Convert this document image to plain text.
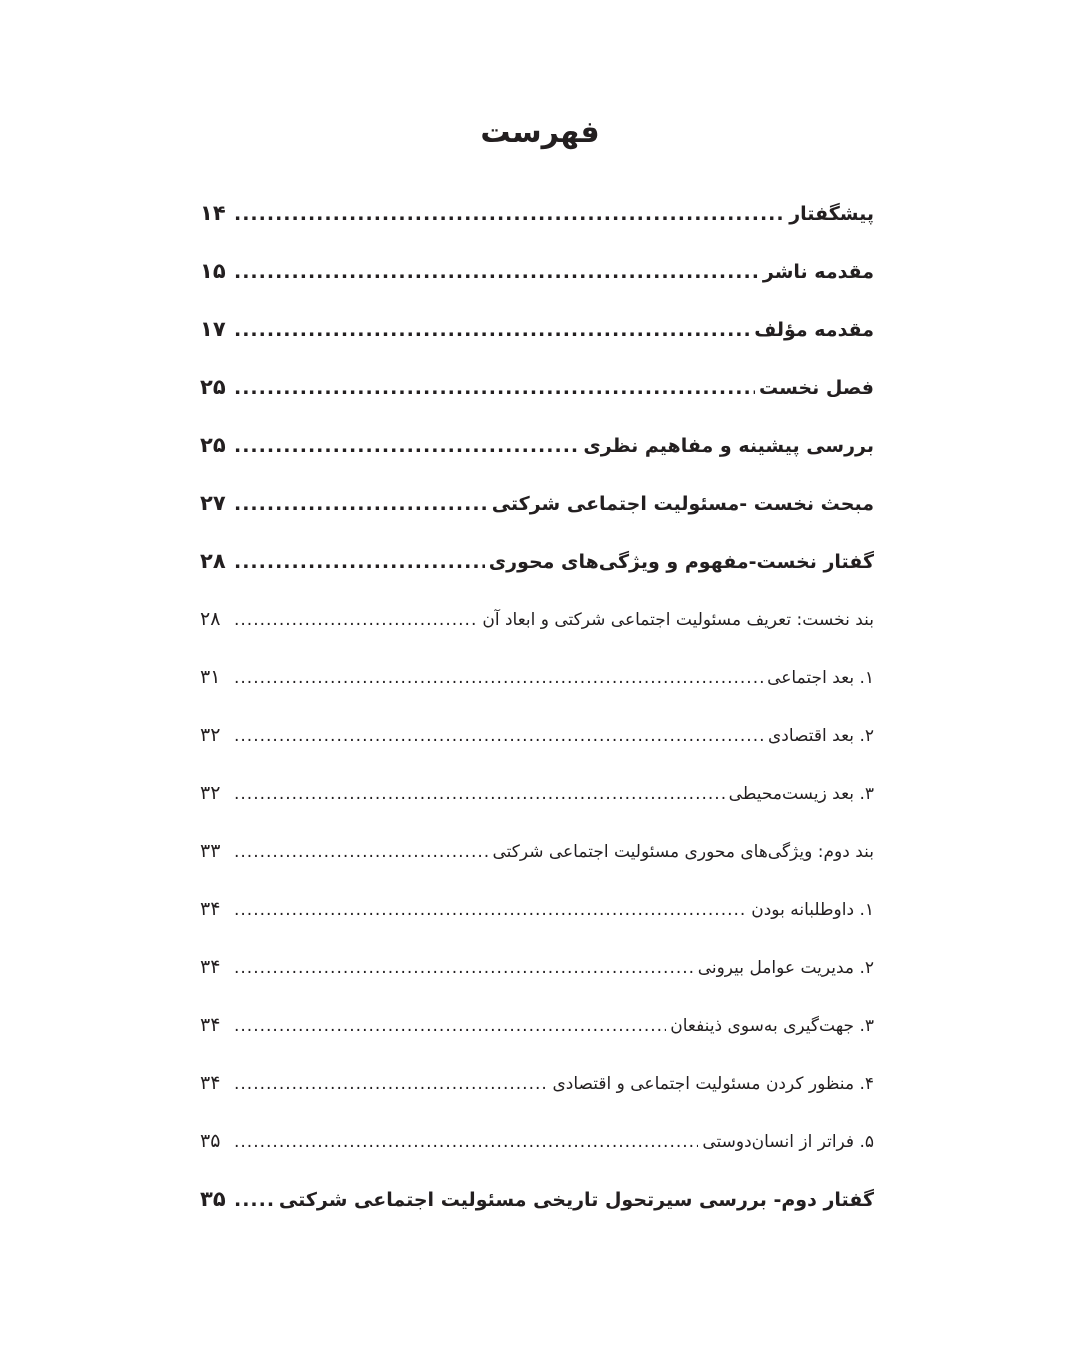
فهرست
پیشگفتار
.....
۱۴
مقدمه ناشر
.....
۱۵
مقدمه مؤلف
.....
۱۷
فصل نخست
.....
۲۵
بررسی پیشینه و مفاهیم نظری
.....
۲۵
مبحث نخست -مسئولیت اجتماعی شرکتی
.....
۲۷
گفتار نخست-مفهوم و ویژگی‌های محوری
.....
۲۸
بند نخست: تعریف مسئولیت اجتماعی شرکتی و ابعاد آن
.....
۲۸
۱. بعد اجتماعی
.....
۳۱
۲. بعد اقتصادی
.....
۳۲
۳. بعد زیست‌محیطی
.....
۳۲
بند دوم: ویژگی‌های محوری مسئولیت اجتماعی شرکتی
.....
۳۳
۱. داوطلبانه بودن
.....
۳۴
۲. مدیریت عوامل بیرونی
.....
۳۴
۳. جهت‌گیری به‌سوی ذینفعان
.....
۳۴
۴. منظور کردن مسئولیت اجتماعی و اقتصادی
.....
۳۴
۵. فراتر از انسان‌دوستی
.....
۳۵
گفتار دوم- بررسی سیرتحول تاریخی مسئولیت اجتماعی شرکتی
.....
۳۵
